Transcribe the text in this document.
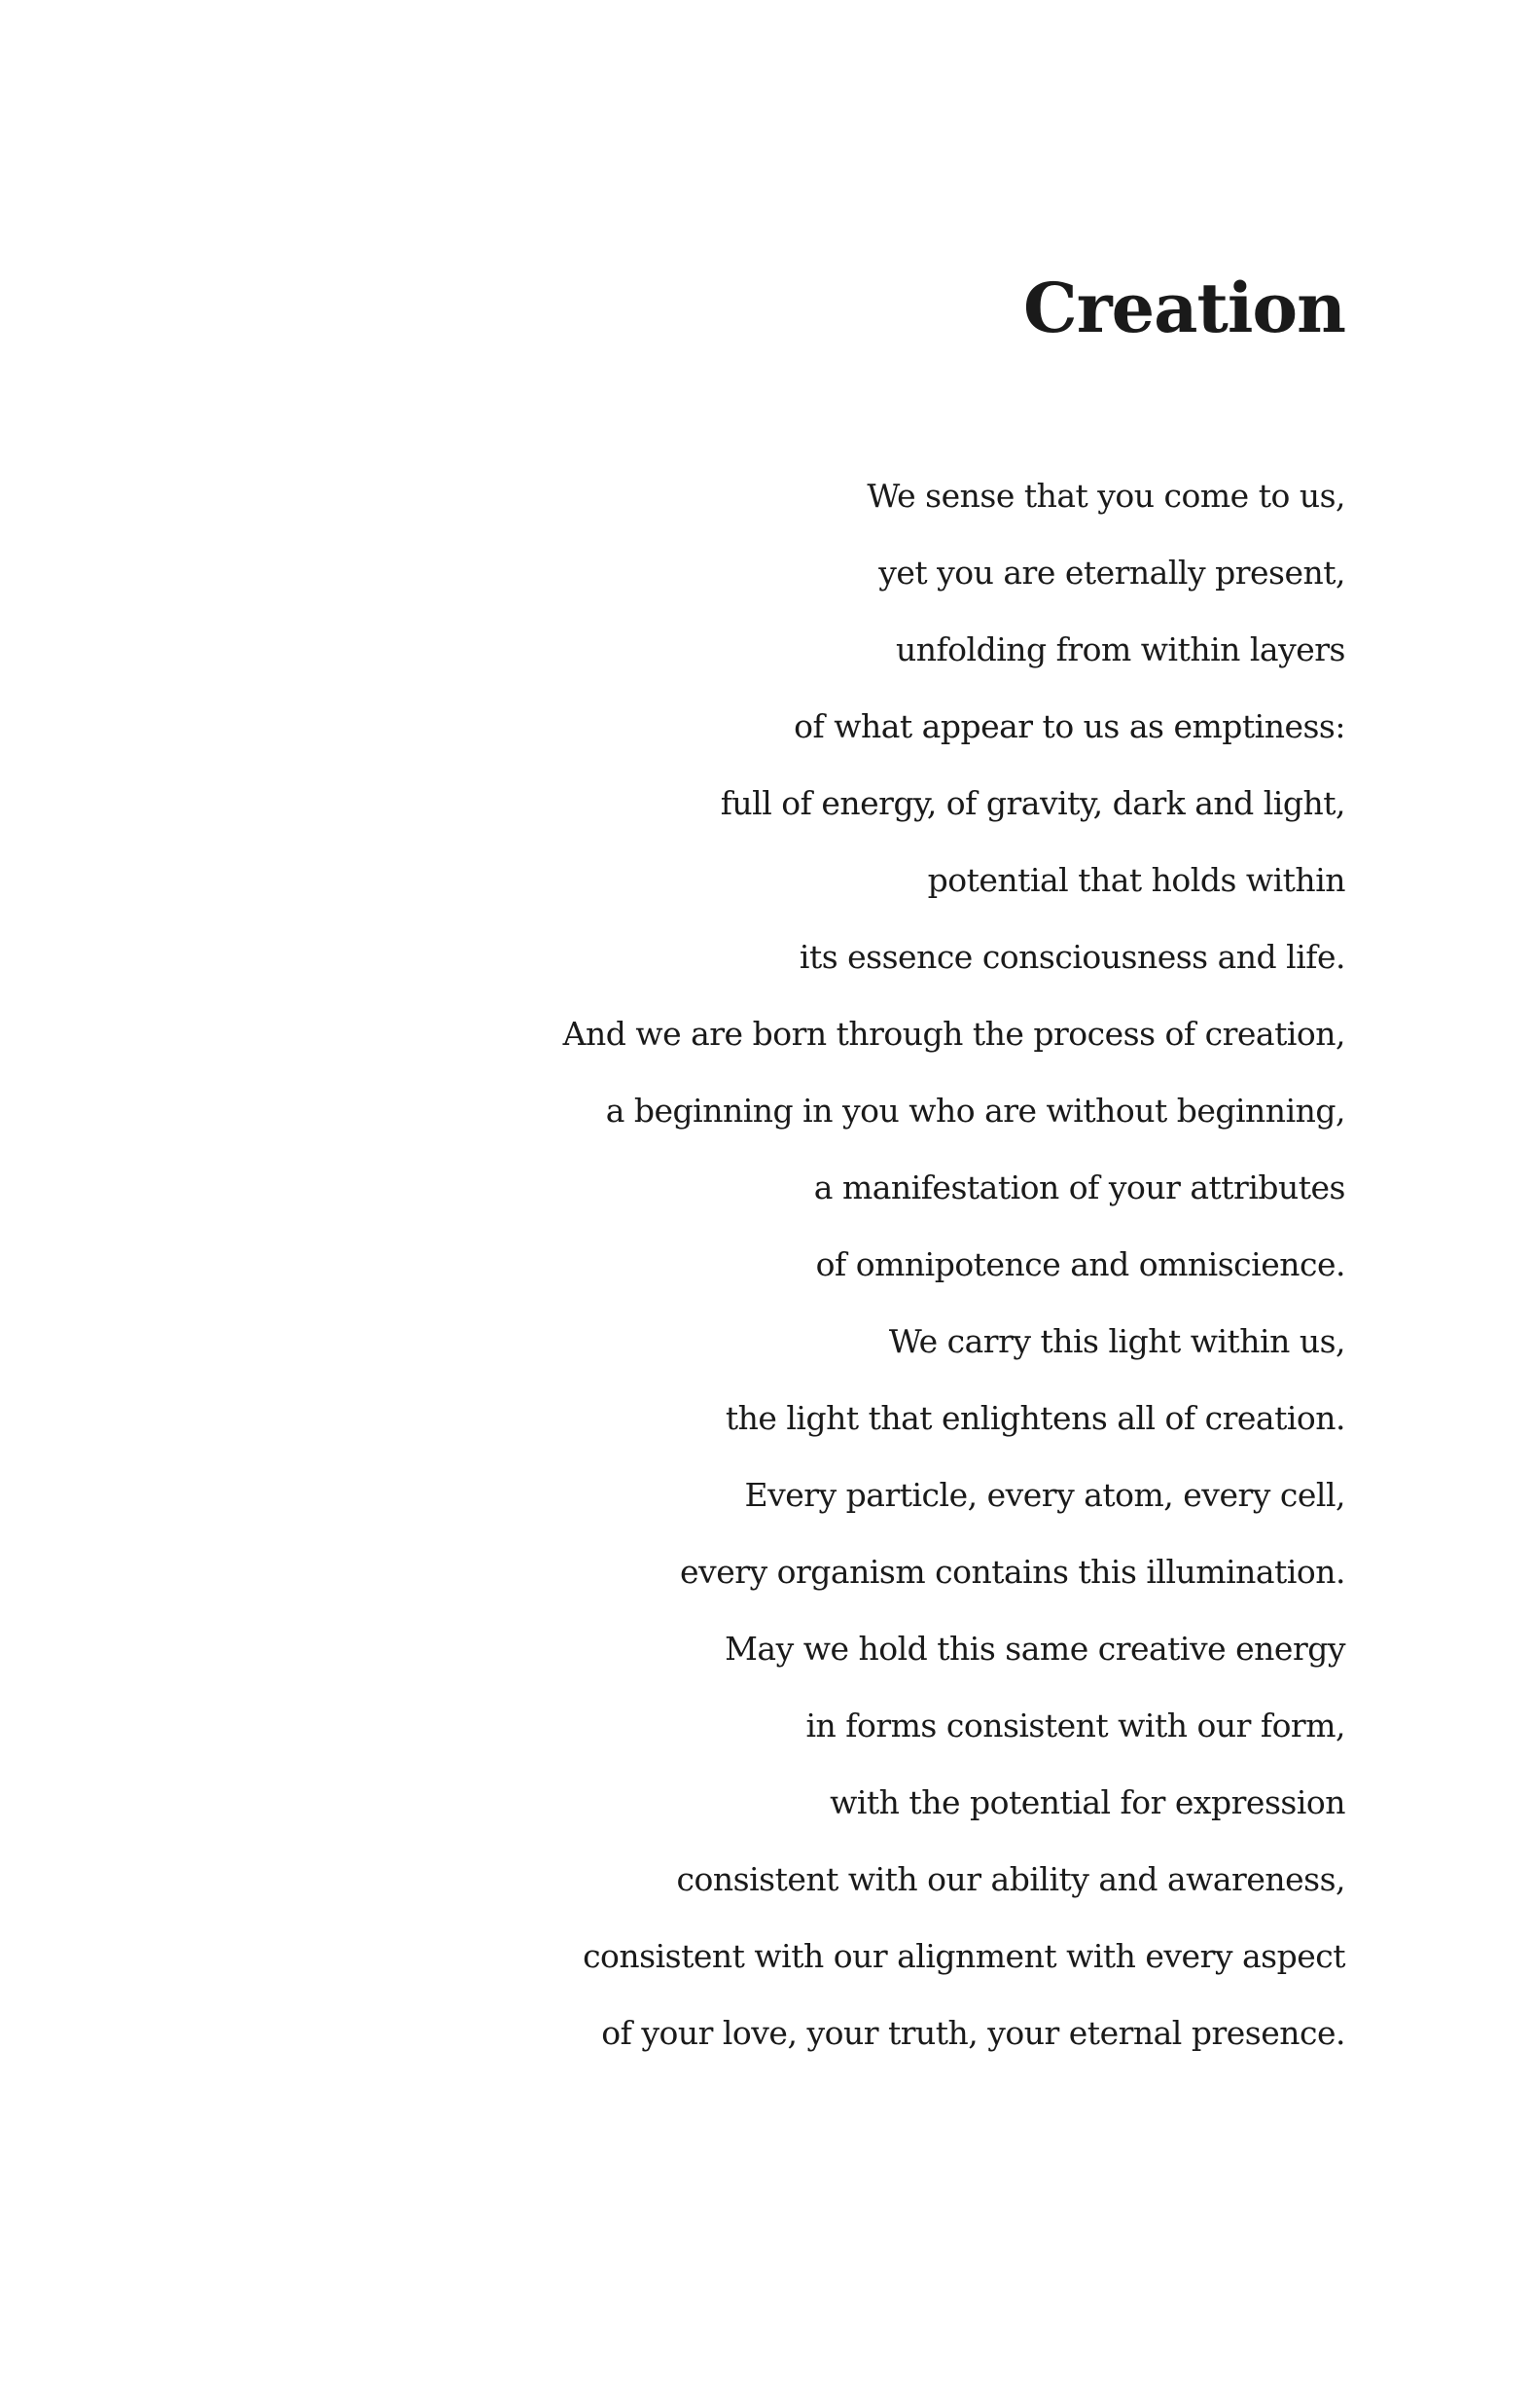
Creation
We sense that you come to us,
yet you are eternally present,
unfolding from within layers
of what appear to us as emptiness:
full of energy, of gravity, dark and light,
potential that holds within
its essence consciousness and life.
And we are born through the process of creation,
a beginning in you who are without beginning,
a manifestation of your attributes
of omnipotence and omniscience.
We carry this light within us,
the light that enlightens all of creation.
Every particle, every atom, every cell,
every organism contains this illumination.
May we hold this same creative energy
in forms consistent with our form,
with the potential for expression
consistent with our ability and awareness,
consistent with our alignment with every aspect
of your love, your truth, your eternal presence.
